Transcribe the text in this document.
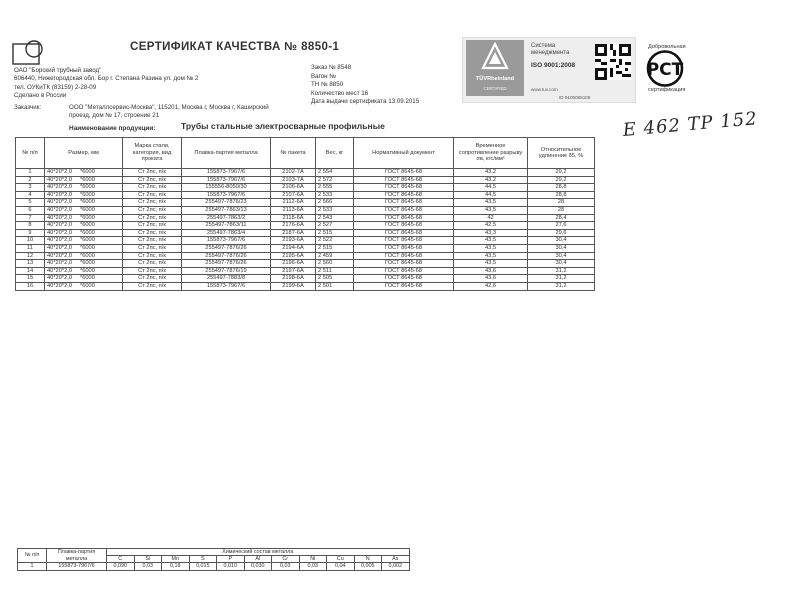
СЕРТИФИКАТ КАЧЕСТВА № 8850-1
ОАО "Борский трубный завод"
606440, Нижегородская обл. Бор г. Степана Разина ул. дом № 2
тел. ОУКиТК (83159) 2-28-09
Сделано в России
Заказчик:	ООО "Металлсервис-Москва", 115201, Москва г, Москва г, Каширский
проезд, дом № 17, строение 21
Заказ № 8548
Вагон №
ТН № 8850
Количество мест 16
Дата выдачи сертификата 13.09.2015
TÜVRheinland
CERTIFIED
Система
менеджмента
ISO 9001:2008
www.tuv.com
ID 9105065108
Добровольная
РСТ
сертификация
Наименование продукции:	Трубы стальные электросварные профильные	Е 462 ТР 152
№ п/п	Размер, мм	Марка стали, категория, вид проката	Плавка-партия металла	№ пакета	Вес, кг	Нормативный документ	Временное сопротивление разрыву σв, кгс/мм²	Относительное удлинение δ5, %
1	40*20*2,0 *6000	Ст 2пс, п/к	155873-7967/6	2102-7А	2 554	ГОСТ 8645-68	43,2	29,2
2	40*20*2,0 *6000	Ст 2пс, п/к	155873-7967/6	2103-7А	2 572	ГОСТ 8645-68	43,2	29,2
3	40*20*2,0 *6000	Ст 2пс, п/к	155556-8050/30	2106-6А	2 555	ГОСТ 8645-68	44,5	28,8
4	40*20*2,0 *6000	Ст 2пс, п/к	155873-7967/6	2107-6А	2 533	ГОСТ 8645-68	44,5	28,8
5	40*20*2,0 *6000	Ст 2пс, п/к	255497-7876/23	2112-6А	2 566	ГОСТ 8645-68	43,5	28
6	40*20*2,0 *6000	Ст 2пс, п/к	255497-7863/13	2113-6А	2 533	ГОСТ 8645-68	43,5	28
7	40*20*2,0 *6000	Ст 2пс, п/к	255497-7863/2	2118-6А	2 543	ГОСТ 8645-68	42	28,4
8	40*20*2,0 *6000	Ст 2пс, п/к	255497-7863/11	2176-6А	2 527	ГОСТ 8645-68	42,5	27,6
9	40*20*2,0 *6000	Ст 2пс, п/к	255497-7863/4	2187-6А	2 515	ГОСТ 8645-68	43,3	29,6
10	40*20*2,0 *6000	Ст 2пс, п/к	155873-7967/6	2193-6А	2 522	ГОСТ 8645-68	43,5	30,4
11	40*20*2,0 *6000	Ст 2пс, п/к	255497-7876/26	2194-6А	2 515	ГОСТ 8645-68	43,5	30,4
12	40*20*2,0 *6000	Ст 2пс, п/к	255497-7876/26	2195-6А	2 459	ГОСТ 8645-68	43,5	30,4
13	40*20*2,0 *6000	Ст 2пс, п/к	255497-7876/26	2196-6А	2 560	ГОСТ 8645-68	43,5	30,4
14	40*20*2,0 *6000	Ст 2пс, п/к	255497-7876/19	2197-6А	2 511	ГОСТ 8645-68	43,6	31,2
15	40*20*2,0 *6000	Ст 2пс, п/к	255497-7883/8	2198-6А	2 505	ГОСТ 8645-68	43,6	31,2
16	40*20*2,0 *6000	Ст 2пс, п/к	155873-7967/6	2199-6А	2 501	ГОСТ 8645-68	42,6	31,2
№ п/п	Плавка-партия металла	Химический состав металла										
		C	Si	Mn	S	P	Al	Cr	Ni	Cu	N	As
1	155873-7967/6	0,090	0,03	0,18	0,015	0,010	0,030	0,03	0,03	0,04	0,005	0,002
